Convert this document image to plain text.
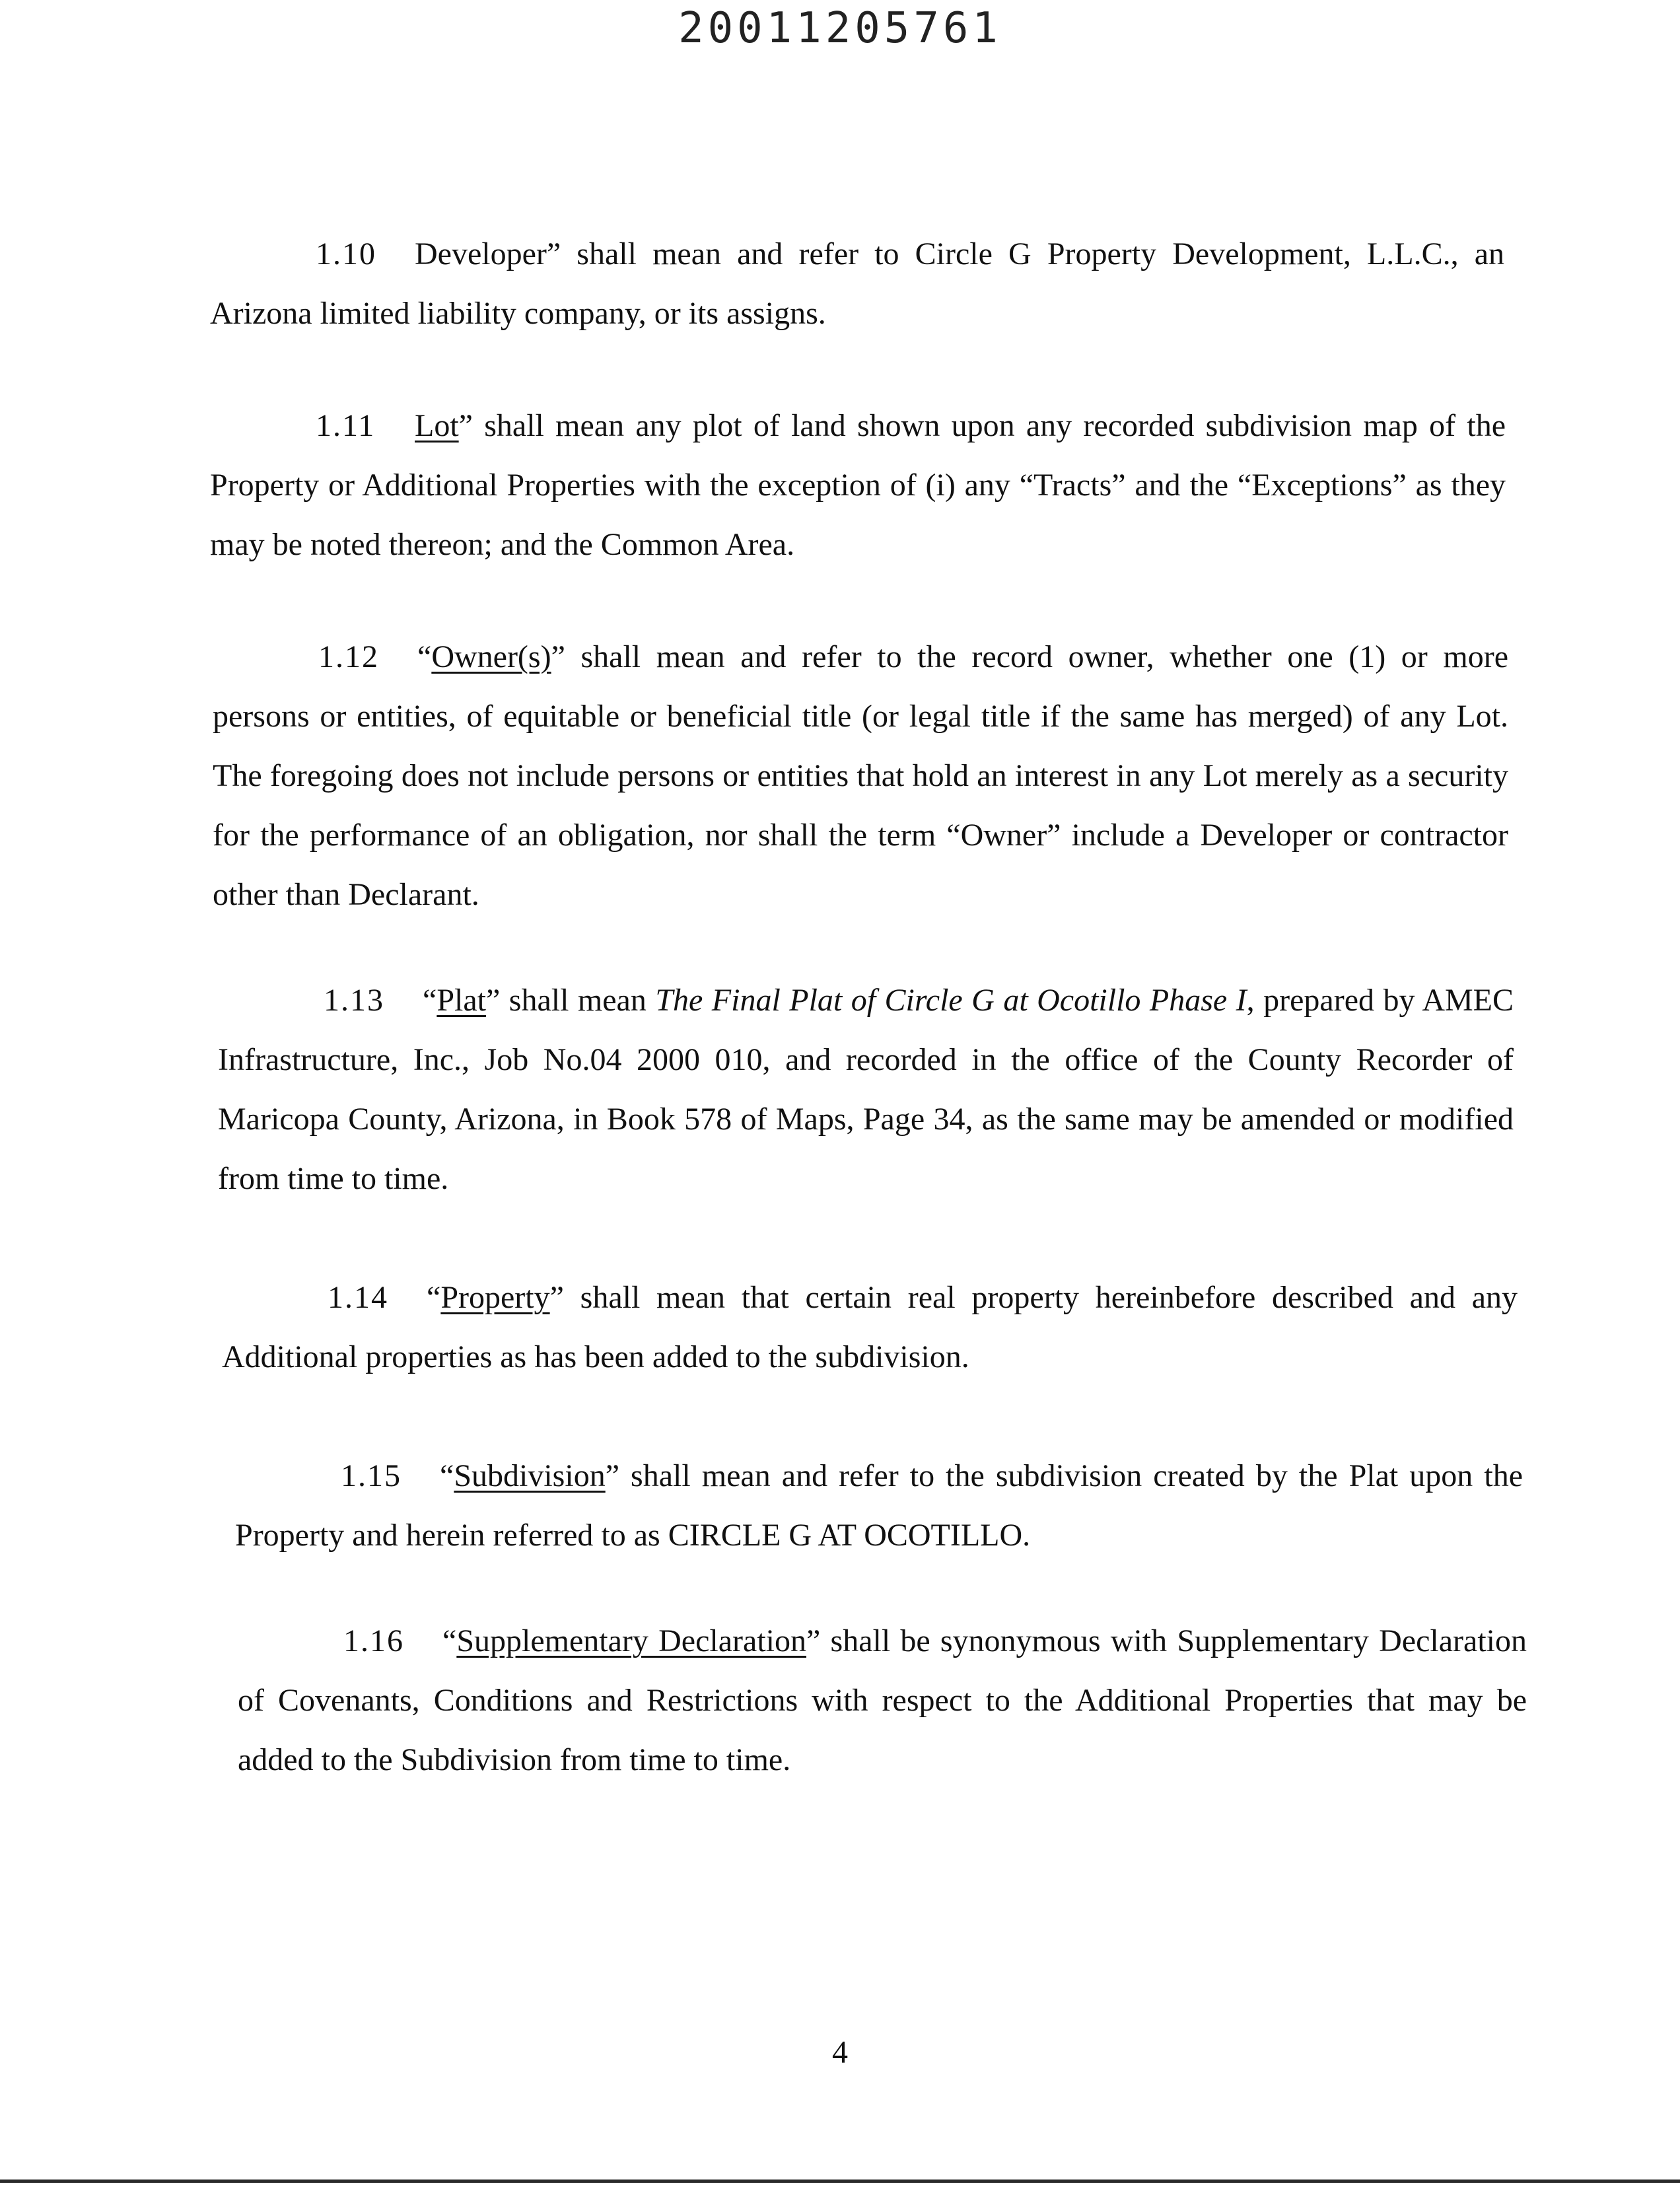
20011205761

1.10 Developer” shall mean and refer to Circle G Property Development, L.L.C., an Arizona limited liability company, or its assigns.

1.11 Lot” shall mean any plot of land shown upon any recorded subdivision map of the Property or Additional Properties with the exception of (i) any “Tracts” and the “Exceptions” as they may be noted thereon; and the Common Area.

1.12 “Owner(s)” shall mean and refer to the record owner, whether one (1) or more persons or entities, of equitable or beneficial title (or legal title if the same has merged) of any Lot. The foregoing does not include persons or entities that hold an interest in any Lot merely as a security for the performance of an obligation, nor shall the term “Owner” include a Developer or contractor other than Declarant.

1.13 “Plat” shall mean The Final Plat of Circle G at Ocotillo Phase I, prepared by AMEC Infrastructure, Inc., Job No.04 2000 010, and recorded in the office of the County Recorder of Maricopa County, Arizona, in Book 578 of Maps, Page 34, as the same may be amended or modified from time to time.

1.14 “Property” shall mean that certain real property hereinbefore described and any Additional properties as has been added to the subdivision.

1.15 “Subdivision” shall mean and refer to the subdivision created by the Plat upon the Property and herein referred to as CIRCLE G AT OCOTILLO.

1.16 “Supplementary Declaration” shall be synonymous with Supplementary Declaration of Covenants, Conditions and Restrictions with respect to the Additional Properties that may be added to the Subdivision from time to time.

4
